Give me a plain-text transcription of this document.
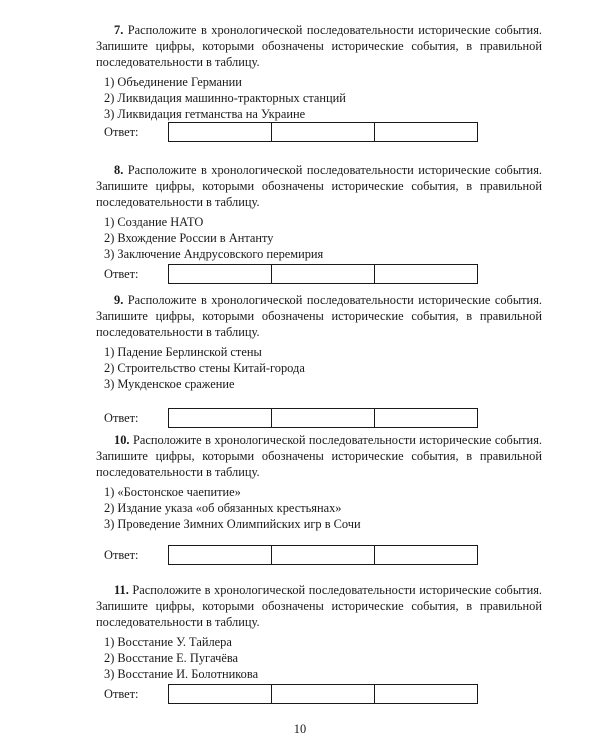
7. Расположите в хронологической последовательности исторические события. Запишите цифры, которыми обозначены исторические события, в правильной последовательности в таблицу.

1) Объединение Германии
2) Ликвидация машинно-тракторных станций
3) Ликвидация гетманства на Украине
Ответ:

8. Расположите в хронологической последовательности исторические события. Запишите цифры, которыми обозначены исторические события, в правильной последовательности в таблицу.

1) Создание НАТО
2) Вхождение России в Антанту
3) Заключение Андрусовского перемирия
Ответ:

9. Расположите в хронологической последовательности исторические события. Запишите цифры, которыми обозначены исторические события, в правильной последовательности в таблицу.

1) Падение Берлинской стены
2) Строительство стены Китай-города
3) Мукденское сражение
Ответ:

10. Расположите в хронологической последовательности исторические события. Запишите цифры, которыми обозначены исторические события, в правильной последовательности в таблицу.

1) «Бостонское чаепитие»
2) Издание указа «об обязанных крестьянах»
3) Проведение Зимних Олимпийских игр в Сочи
Ответ:

11. Расположите в хронологической последовательности исторические события. Запишите цифры, которыми обозначены исторические события, в правильной последовательности в таблицу.

1) Восстание У. Тайлера
2) Восстание Е. Пугачёва
3) Восстание И. Болотникова
Ответ:
10
